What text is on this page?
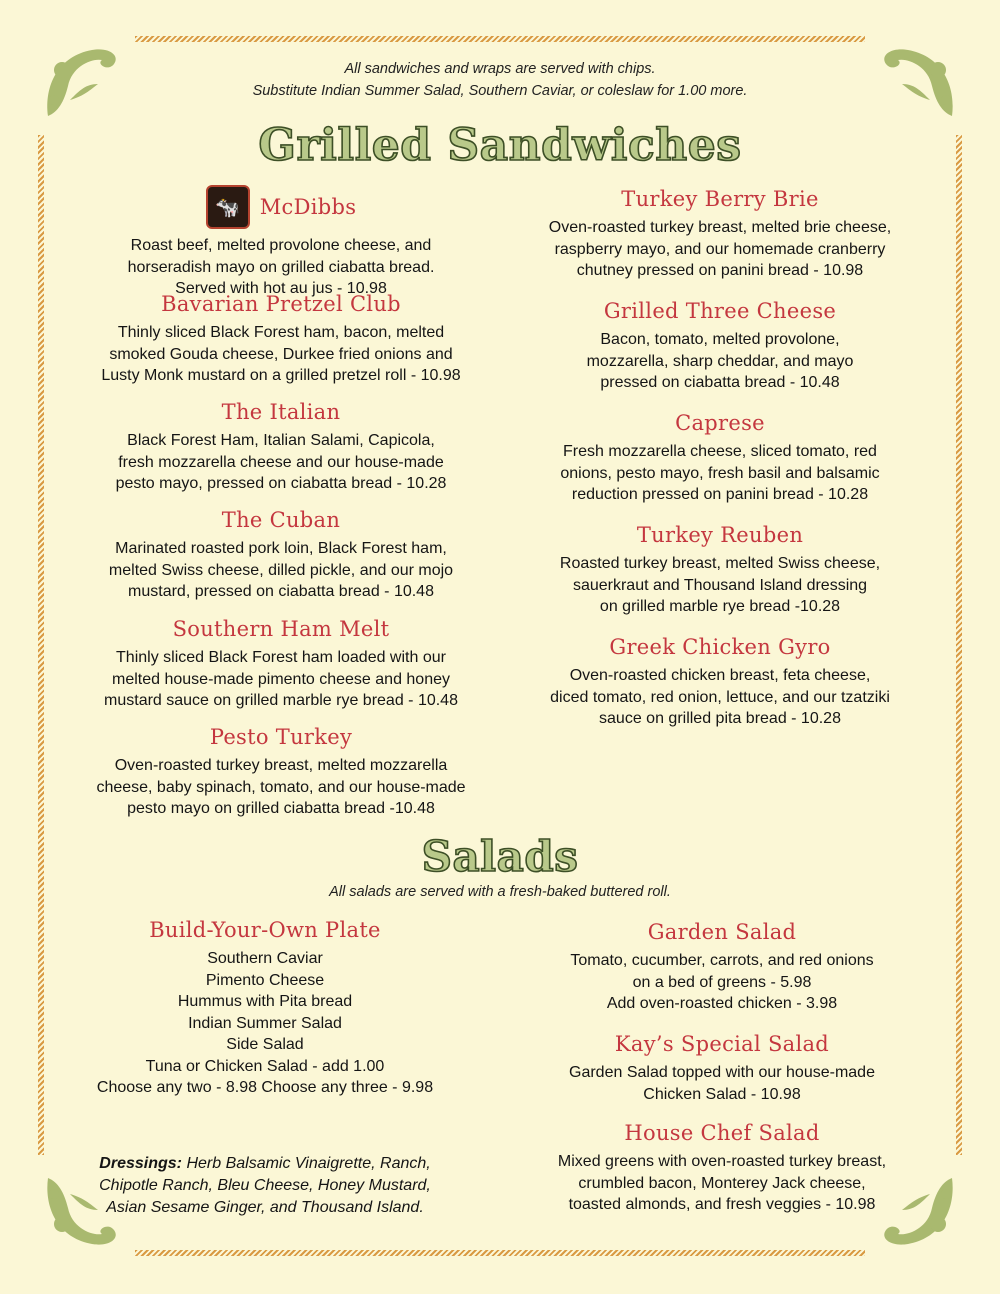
All sandwiches and wraps are served with chips.
Substitute Indian Summer Salad, Southern Caviar, or coleslaw for 1.00 more.
Grilled Sandwiches
🐄 McDibbs

Roast beef, melted provolone cheese, and
horseradish mayo on grilled ciabatta bread.
Served with hot au jus - 10.98

Bavarian Pretzel Club

Thinly sliced Black Forest ham, bacon, melted
smoked Gouda cheese, Durkee fried onions and
Lusty Monk mustard on a grilled pretzel roll - 10.98

The Italian

Black Forest Ham, Italian Salami, Capicola,
fresh mozzarella cheese and our house-made
pesto mayo, pressed on ciabatta bread - 10.28

The Cuban

Marinated roasted pork loin, Black Forest ham,
melted Swiss cheese, dilled pickle, and our mojo
mustard, pressed on ciabatta bread - 10.48

Southern Ham Melt

Thinly sliced Black Forest ham loaded with our
melted house-made pimento cheese and honey
mustard sauce on grilled marble rye bread - 10.48

Pesto Turkey

Oven-roasted turkey breast, melted mozzarella
cheese, baby spinach, tomato, and our house-made
pesto mayo on grilled ciabatta bread -10.48

Turkey Berry Brie

Oven-roasted turkey breast, melted brie cheese,
raspberry mayo, and our homemade cranberry
chutney pressed on panini bread - 10.98

Grilled Three Cheese

Bacon, tomato, melted provolone,
mozzarella, sharp cheddar, and mayo
pressed on ciabatta bread - 10.48

Caprese

Fresh mozzarella cheese, sliced tomato, red
onions, pesto mayo, fresh basil and balsamic
reduction pressed on panini bread - 10.28

Turkey Reuben

Roasted turkey breast, melted Swiss cheese,
sauerkraut and Thousand Island dressing
on grilled marble rye bread -10.28

Greek Chicken Gyro

Oven-roasted chicken breast, feta cheese,
diced tomato, red onion, lettuce, and our tzatziki
sauce on grilled pita bread - 10.28

Salads
All salads are served with a fresh-baked buttered roll.
Build-Your-Own Plate

Southern Caviar
Pimento Cheese
Hummus with Pita bread
Indian Summer Salad
Side Salad
Tuna or Chicken Salad - add 1.00
Choose any two - 8.98 Choose any three - 9.98

Dressings: Herb Balsamic Vinaigrette, Ranch, Chipotle Ranch, Bleu Cheese, Honey Mustard, Asian Sesame Ginger, and Thousand Island.
Garden Salad

Tomato, cucumber, carrots, and red onions
on a bed of greens - 5.98
Add oven-roasted chicken - 3.98

Kay’s Special Salad

Garden Salad topped with our house-made
Chicken Salad - 10.98

House Chef Salad

Mixed greens with oven-roasted turkey breast,
crumbled bacon, Monterey Jack cheese,
toasted almonds, and fresh veggies - 10.98
